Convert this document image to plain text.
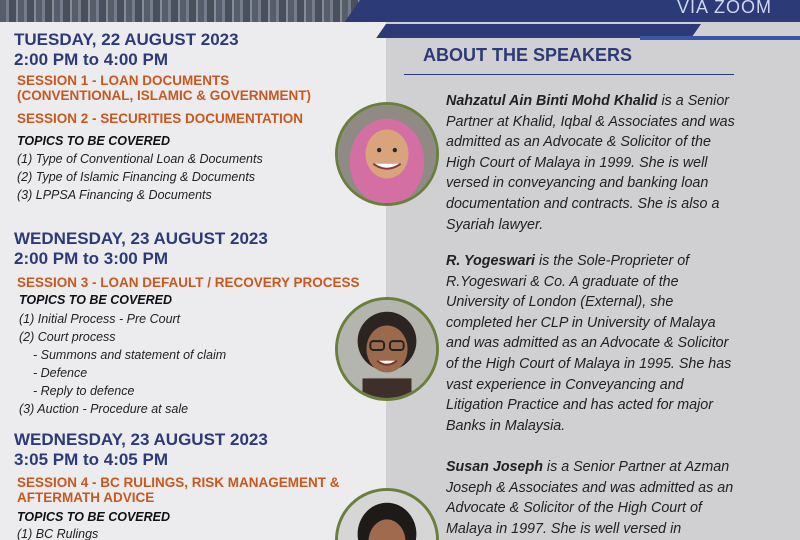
VIA ZOOM
TUESDAY, 22 AUGUST 2023
2:00 PM to 4:00 PM
SESSION 1 - LOAN DOCUMENTS
(CONVENTIONAL, ISLAMIC & GOVERNMENT)
SESSION 2 - SECURITIES DOCUMENTATION
TOPICS TO BE COVERED
(1) Type of Conventional Loan & Documents
(2) Type of Islamic Financing & Documents
(3) LPPSA Financing & Documents
WEDNESDAY, 23 AUGUST 2023
2:00 PM to 3:00 PM
SESSION 3 - LOAN DEFAULT / RECOVERY PROCESS
TOPICS TO BE COVERED
(1) Initial Process - Pre Court
(2) Court process
- Summons and statement of claim
- Defence
- Reply to defence
(3) Auction - Procedure at sale
WEDNESDAY, 23 AUGUST 2023
3:05 PM to 4:05 PM
SESSION 4 - BC RULINGS, RISK MANAGEMENT &
AFTERMATH ADVICE
TOPICS TO BE COVERED
(1) BC Rulings
ABOUT THE SPEAKERS
Nahzatul Ain Binti Mohd Khalid is a Senior
Partner at Khalid, Iqbal & Associates and was
admitted as an Advocate & Solicitor of the
High Court of Malaya in 1999. She is well
versed in conveyancing and banking loan
documentation and contracts. She is also a
Syariah lawyer.
R. Yogeswari is the Sole-Proprieter of
R.Yogeswari & Co. A graduate of the
University of London (External), she
completed her CLP in University of Malaya
and was admitted as an Advocate & Solicitor
of the High Court of Malaya in 1995. She has
vast experience in Conveyancing and
Litigation Practice and has acted for major
Banks in Malaysia.
Susan Joseph is a Senior Partner at Azman
Joseph & Associates and was admitted as an
Advocate & Solicitor of the High Court of
Malaya in 1997. She is well versed in
